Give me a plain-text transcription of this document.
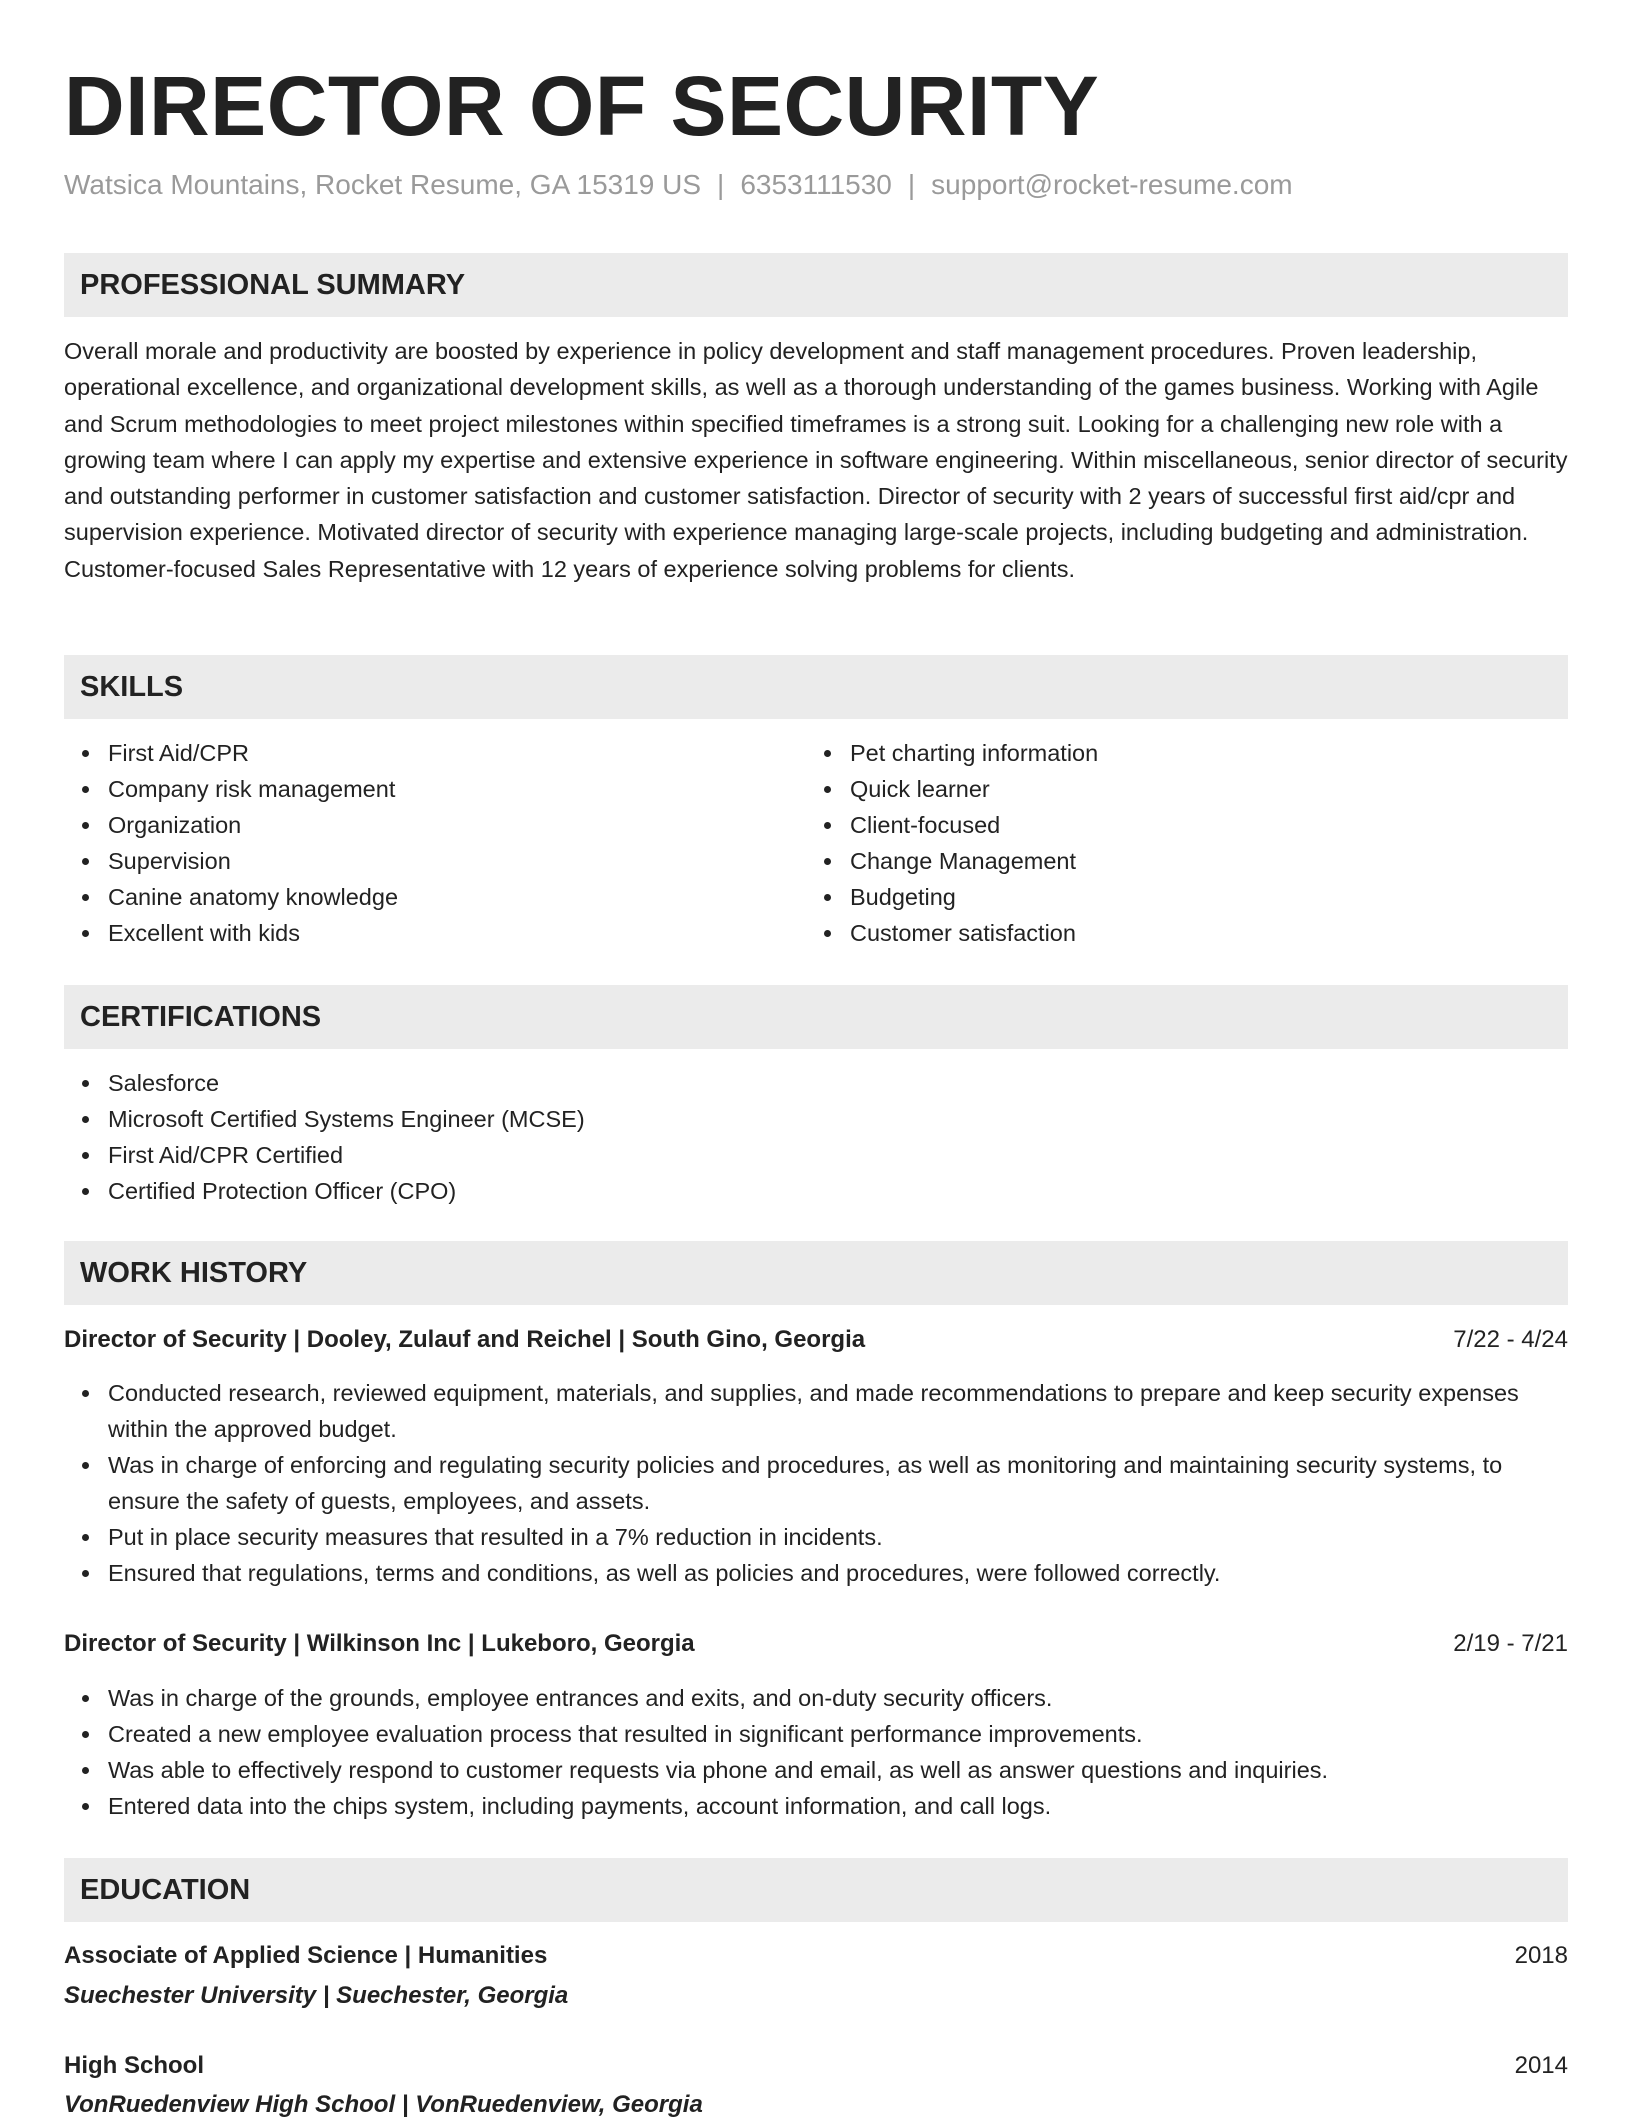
DIRECTOR OF SECURITY
Watsica Mountains, Rocket Resume, GA 15319 US | 6353111530 | support@rocket-resume.com
PROFESSIONAL SUMMARY

Overall morale and productivity are boosted by experience in policy development and staff management procedures. Proven leadership, operational excellence, and organizational development skills, as well as a thorough understanding of the games business. Working with Agile and Scrum methodologies to meet project milestones within specified timeframes is a strong suit. Looking for a challenging new role with a growing team where I can apply my expertise and extensive experience in software engineering. Within miscellaneous, senior director of security and outstanding performer in customer satisfaction and customer satisfaction. Director of security with 2 years of successful first aid/cpr and supervision experience. Motivated director of security with experience managing large-scale projects, including budgeting and administration. Customer-focused Sales Representative with 12 years of experience solving problems for clients.

SKILLS
First Aid/CPR
Company risk management
Organization
Supervision
Canine anatomy knowledge
Excellent with kids
Pet charting information
Quick learner
Client-focused
Change Management
Budgeting
Customer satisfaction
CERTIFICATIONS
Salesforce
Microsoft Certified Systems Engineer (MCSE)
First Aid/CPR Certified
Certified Protection Officer (CPO)
WORK HISTORY
Director of Security | Dooley, Zulauf and Reichel | South Gino, Georgia	7/22 - 4/24
Conducted research, reviewed equipment, materials, and supplies, and made recommendations to prepare and keep security expenses within the approved budget.
Was in charge of enforcing and regulating security policies and procedures, as well as monitoring and maintaining security systems, to ensure the safety of guests, employees, and assets.
Put in place security measures that resulted in a 7% reduction in incidents.
Ensured that regulations, terms and conditions, as well as policies and procedures, were followed correctly.
Director of Security | Wilkinson Inc | Lukeboro, Georgia	2/19 - 7/21
Was in charge of the grounds, employee entrances and exits, and on-duty security officers.
Created a new employee evaluation process that resulted in significant performance improvements.
Was able to effectively respond to customer requests via phone and email, as well as answer questions and inquiries.
Entered data into the chips system, including payments, account information, and call logs.
EDUCATION
Associate of Applied Science | Humanities	2018
Suechester University | Suechester, Georgia
High School	2014
VonRuedenview High School | VonRuedenview, Georgia
